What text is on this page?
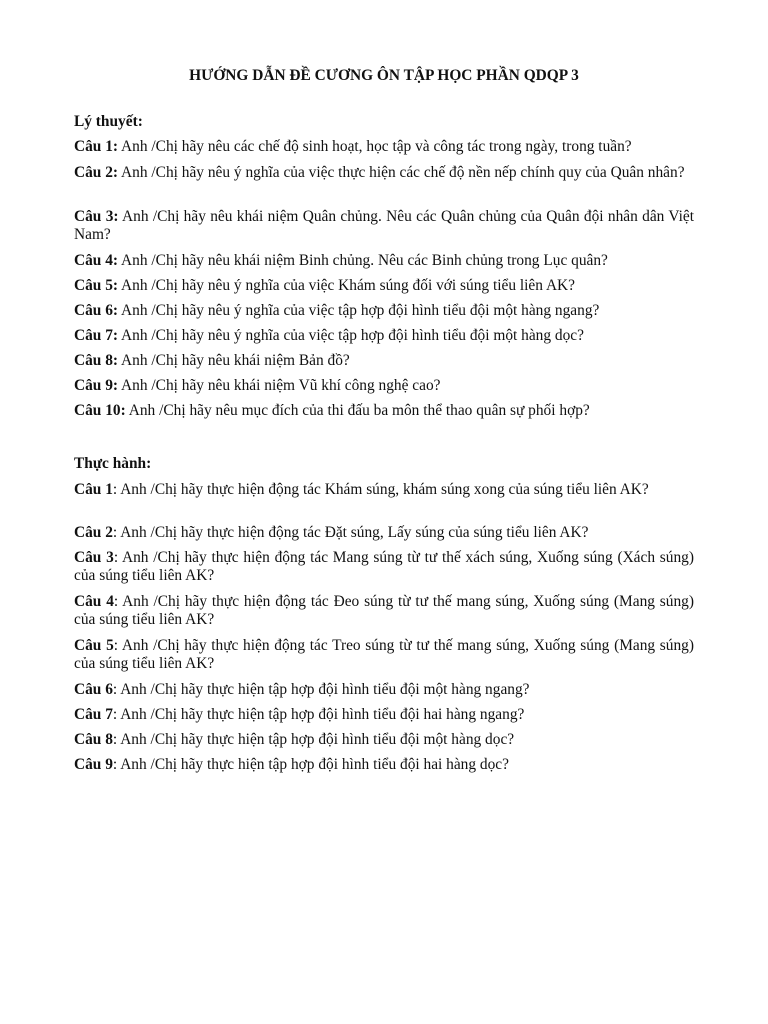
HƯỚNG DẪN ĐỀ CƯƠNG ÔN TẬP HỌC PHẦN QDQP 3
Lý thuyết:
Câu 1: Anh /Chị hãy nêu các chế độ sinh hoạt, học tập và công tác trong ngày, trong tuần?
Câu 2: Anh /Chị hãy nêu ý nghĩa của việc thực hiện các chế độ nền nếp chính quy của Quân nhân?
Câu 3: Anh /Chị hãy nêu khái niệm Quân chủng. Nêu các Quân chủng của Quân đội nhân dân Việt Nam?
Câu 4: Anh /Chị hãy nêu khái niệm Binh chủng. Nêu các Binh chủng trong Lục quân?
Câu 5: Anh /Chị hãy nêu ý nghĩa của việc Khám súng đối với súng tiểu liên AK?
Câu 6: Anh /Chị hãy nêu ý nghĩa của việc tập hợp đội hình tiểu đội một hàng ngang?
Câu 7: Anh /Chị hãy nêu ý nghĩa của việc tập hợp đội hình tiểu đội một hàng dọc?
Câu 8: Anh /Chị hãy nêu khái niệm Bản đồ?
Câu 9: Anh /Chị hãy nêu khái niệm Vũ khí công nghệ cao?
Câu 10: Anh /Chị hãy nêu mục đích của thi đấu ba môn thể thao quân sự phối hợp?
Thực hành:
Câu 1: Anh /Chị hãy thực hiện động tác Khám súng, khám súng xong của súng tiểu liên AK?
Câu 2: Anh /Chị hãy thực hiện động tác Đặt súng, Lấy súng của súng tiểu liên AK?
Câu 3: Anh /Chị hãy thực hiện động tác Mang súng từ tư thế xách súng, Xuống súng (Xách súng) của súng tiểu liên AK?
Câu 4: Anh /Chị hãy thực hiện động tác Đeo súng từ tư thế mang súng, Xuống súng (Mang súng) của súng tiểu liên AK?
Câu 5: Anh /Chị hãy thực hiện động tác Treo súng từ tư thế mang súng, Xuống súng (Mang súng) của súng tiểu liên AK?
Câu 6: Anh /Chị hãy thực hiện tập hợp đội hình tiểu đội một hàng ngang?
Câu 7: Anh /Chị hãy thực hiện tập hợp đội hình tiểu đội hai hàng ngang?
Câu 8: Anh /Chị hãy thực hiện tập hợp đội hình tiểu đội một hàng dọc?
Câu 9: Anh /Chị hãy thực hiện tập hợp đội hình tiểu đội hai hàng dọc?
